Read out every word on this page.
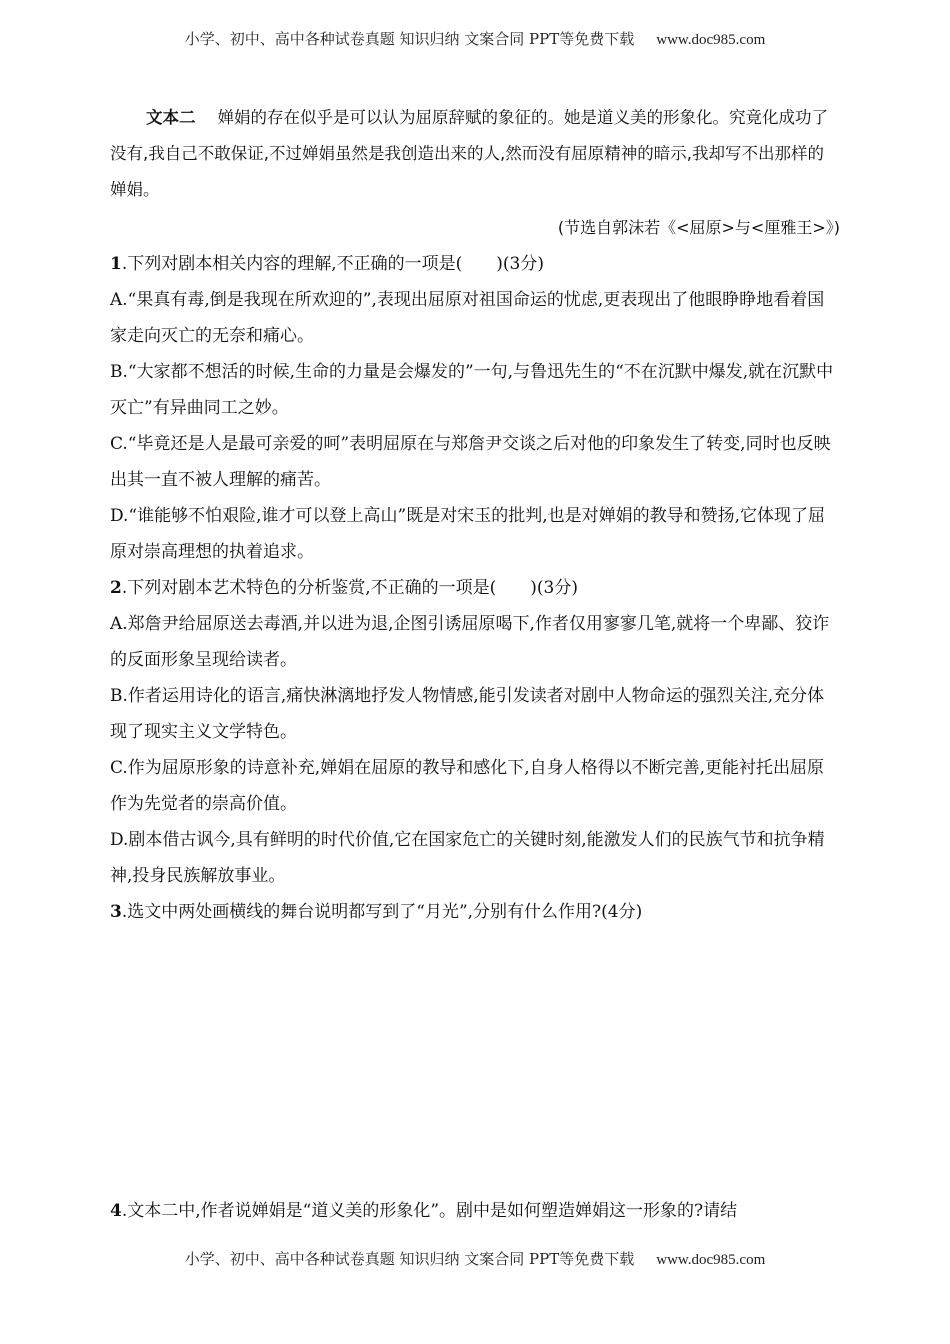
小学、初中、高中各种试卷真题 知识归纳 文案合同 PPT等免费下载 www.doc985.com

文本二 婵娟的存在似乎是可以认为屈原辞赋的象征的。她是道义美的形象化。究竟化成功了没有,我自己不敢保证,不过婵娟虽然是我创造出来的人,然而没有屈原精神的暗示,我却写不出那样的婵娟。

(节选自郭沫若《<屈原>与<厘雅王>》)

1.下列对剧本相关内容的理解,不正确的一项是(　　)(3分)

A.“果真有毒,倒是我现在所欢迎的”,表现出屈原对祖国命运的忧虑,更表现出了他眼睁睁地看着国家走向灭亡的无奈和痛心。

B.“大家都不想活的时候,生命的力量是会爆发的”一句,与鲁迅先生的“不在沉默中爆发,就在沉默中灭亡”有异曲同工之妙。

C.“毕竟还是人是最可亲爱的呵”表明屈原在与郑詹尹交谈之后对他的印象发生了转变,同时也反映出其一直不被人理解的痛苦。

D.“谁能够不怕艰险,谁才可以登上高山”既是对宋玉的批判,也是对婵娟的教导和赞扬,它体现了屈原对崇高理想的执着追求。

2.下列对剧本艺术特色的分析鉴赏,不正确的一项是(　　)(3分)

A.郑詹尹给屈原送去毒酒,并以进为退,企图引诱屈原喝下,作者仅用寥寥几笔,就将一个卑鄙、狡诈的反面形象呈现给读者。

B.作者运用诗化的语言,痛快淋漓地抒发人物情感,能引发读者对剧中人物命运的强烈关注,充分体现了现实主义文学特色。

C.作为屈原形象的诗意补充,婵娟在屈原的教导和感化下,自身人格得以不断完善,更能衬托出屈原作为先觉者的崇高价值。

D.剧本借古讽今,具有鲜明的时代价值,它在国家危亡的关键时刻,能激发人们的民族气节和抗争精神,投身民族解放事业。

3.选文中两处画横线的舞台说明都写到了“月光”,分别有什么作用?(4分)

4.文本二中,作者说婵娟是“道义美的形象化”。剧中是如何塑造婵娟这一形象的?请结

小学、初中、高中各种试卷真题 知识归纳 文案合同 PPT等免费下载 www.doc985.com
